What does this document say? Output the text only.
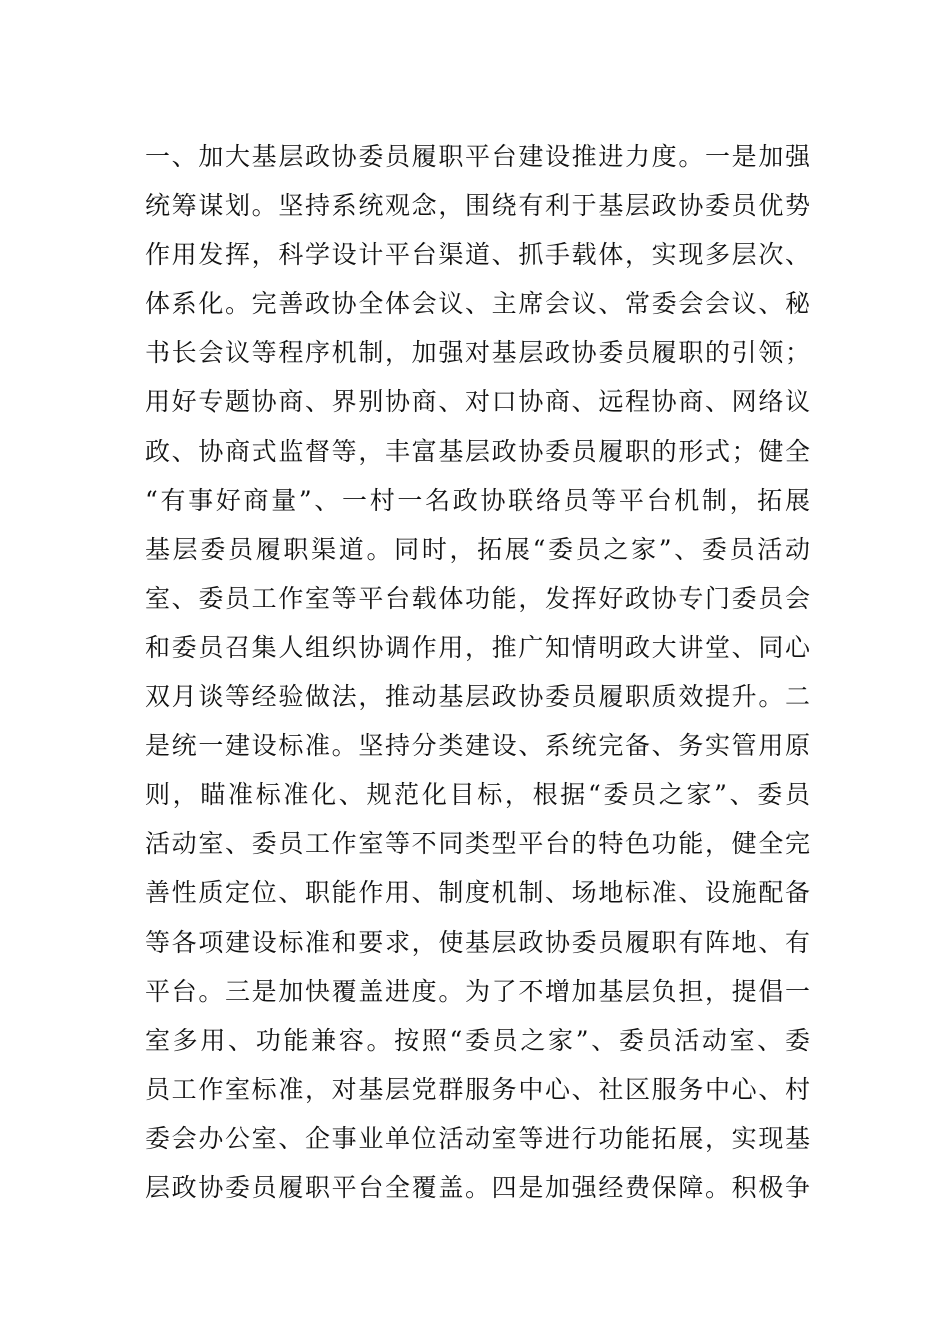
一、加大基层政协委员履职平台建设推进力度。一是加强
统筹谋划。坚持系统观念，围绕有利于基层政协委员优势
作用发挥，科学设计平台渠道、抓手载体，实现多层次、
体系化。完善政协全体会议、主席会议、常委会会议、秘
书长会议等程序机制，加强对基层政协委员履职的引领；
用好专题协商、界别协商、对口协商、远程协商、网络议
政、协商式监督等，丰富基层政协委员履职的形式；健全
“有事好商量”、一村一名政协联络员等平台机制，拓展
基层委员履职渠道。同时，拓展“委员之家”、委员活动
室、委员工作室等平台载体功能，发挥好政协专门委员会
和委员召集人组织协调作用，推广知情明政大讲堂、同心
双月谈等经验做法，推动基层政协委员履职质效提升。二
是统一建设标准。坚持分类建设、系统完备、务实管用原
则，瞄准标准化、规范化目标，根据“委员之家”、委员
活动室、委员工作室等不同类型平台的特色功能，健全完
善性质定位、职能作用、制度机制、场地标准、设施配备
等各项建设标准和要求，使基层政协委员履职有阵地、有
平台。三是加快覆盖进度。为了不增加基层负担，提倡一
室多用、功能兼容。按照“委员之家”、委员活动室、委
员工作室标准，对基层党群服务中心、社区服务中心、村
委会办公室、企事业单位活动室等进行功能拓展，实现基
层政协委员履职平台全覆盖。四是加强经费保障。积极争
